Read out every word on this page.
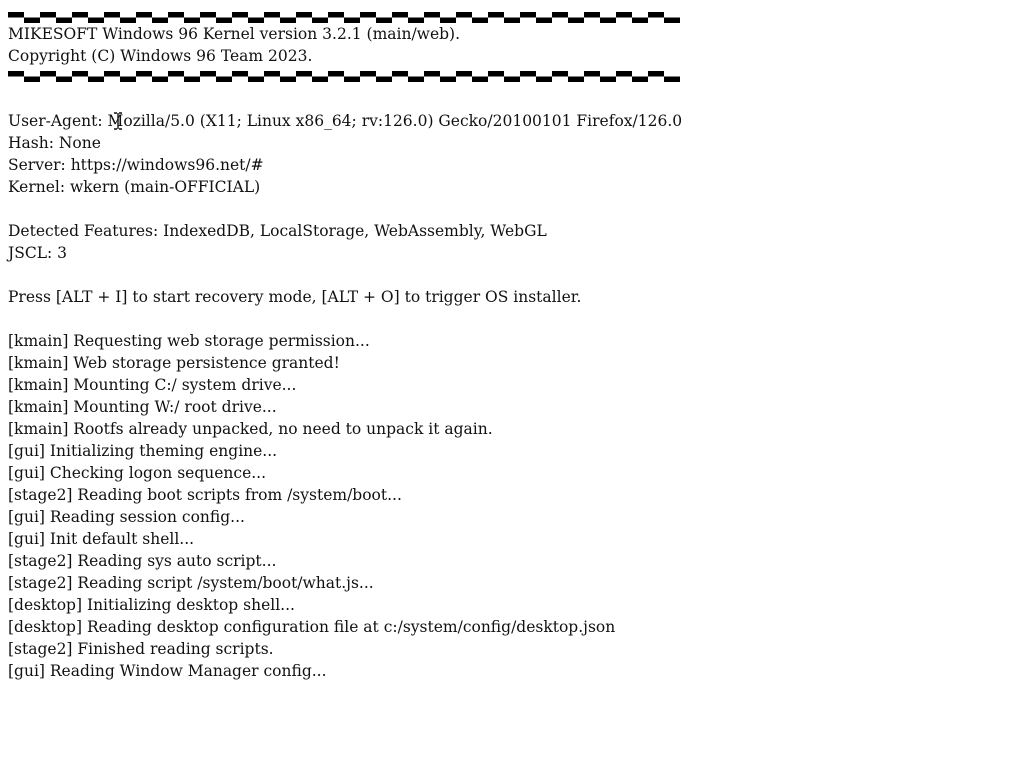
MIKESOFT Windows 96 Kernel version 3.2.1 (main/web).
Copyright (C) Windows 96 Team 2023.
User-Agent: Mozilla/5.0 (X11; Linux x86_64; rv:126.0) Gecko/20100101 Firefox/126.0
Hash: None
Server: https://windows96.net/#
Kernel: wkern (main-OFFICIAL)
Detected Features: IndexedDB, LocalStorage, WebAssembly, WebGL
JSCL: 3
Press [ALT + I] to start recovery mode, [ALT + O] to trigger OS installer.
[kmain] Requesting web storage permission...
[kmain] Web storage persistence granted!
[kmain] Mounting C:/ system drive...
[kmain] Mounting W:/ root drive...
[kmain] Rootfs already unpacked, no need to unpack it again.
[gui] Initializing theming engine...
[gui] Checking logon sequence...
[stage2] Reading boot scripts from /system/boot...
[gui] Reading session config...
[gui] Init default shell...
[stage2] Reading sys auto script...
[stage2] Reading script /system/boot/what.js...
[desktop] Initializing desktop shell...
[desktop] Reading desktop configuration file at c:/system/config/desktop.json
[stage2] Finished reading scripts.
[gui] Reading Window Manager config...
